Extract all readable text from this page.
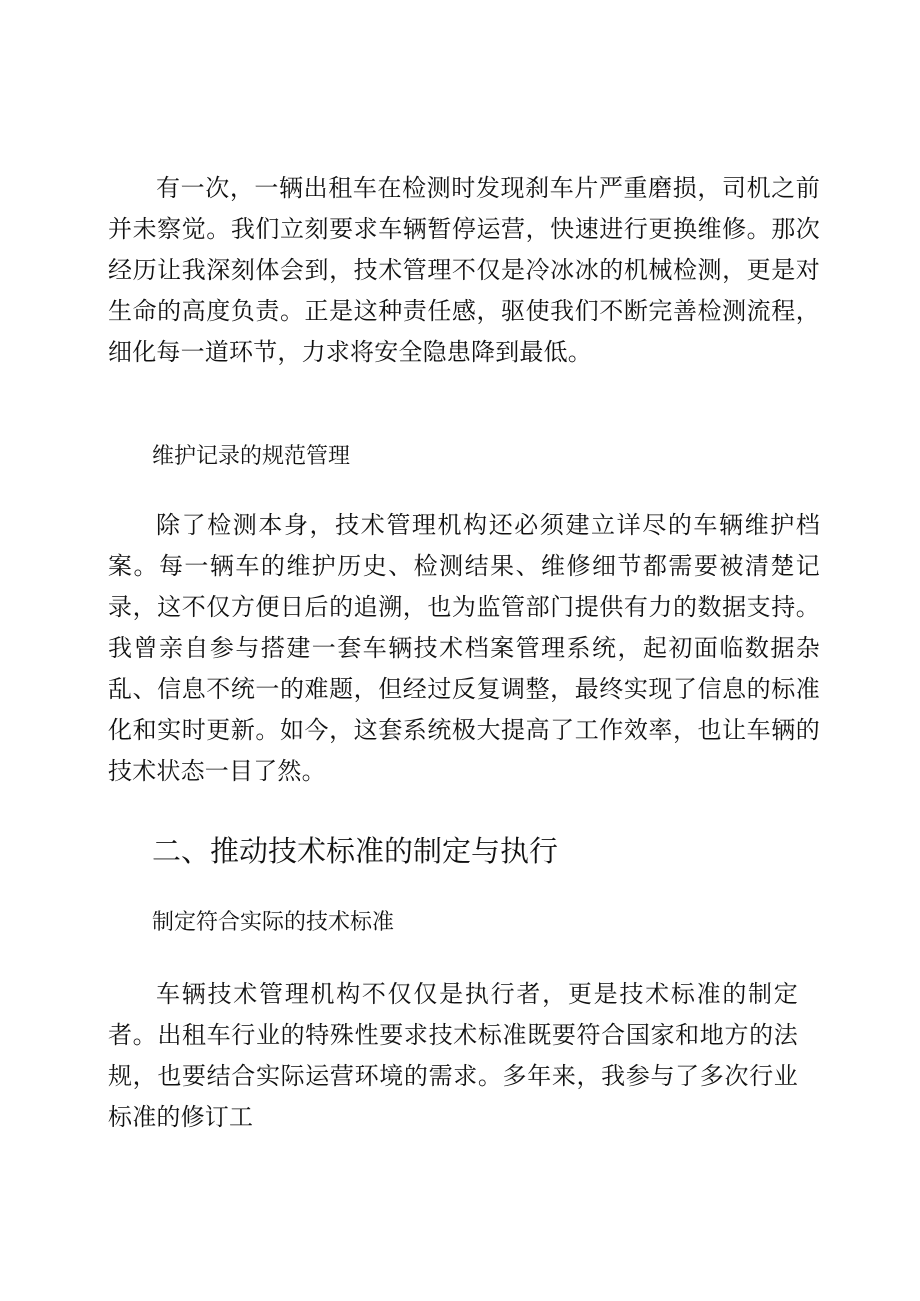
有一次，一辆出租车在检测时发现刹车片严重磨损，司机之前并未察觉。我们立刻要求车辆暂停运营，快速进行更换维修。那次经历让我深刻体会到，技术管理不仅是冷冰冰的机械检测，更是对生命的高度负责。正是这种责任感，驱使我们不断完善检测流程，细化每一道环节，力求将安全隐患降到最低。

维护记录的规范管理

除了检测本身，技术管理机构还必须建立详尽的车辆维护档案。每一辆车的维护历史、检测结果、维修细节都需要被清楚记录，这不仅方便日后的追溯，也为监管部门提供有力的数据支持。我曾亲自参与搭建一套车辆技术档案管理系统，起初面临数据杂乱、信息不统一的难题，但经过反复调整，最终实现了信息的标准化和实时更新。如今，这套系统极大提高了工作效率，也让车辆的技术状态一目了然。

二、推动技术标准的制定与执行
制定符合实际的技术标准

车辆技术管理机构不仅仅是执行者，更是技术标准的制定者。出租车行业的特殊性要求技术标准既要符合国家和地方的法规，也要结合实际运营环境的需求。多年来，我参与了多次行业标准的修订工
